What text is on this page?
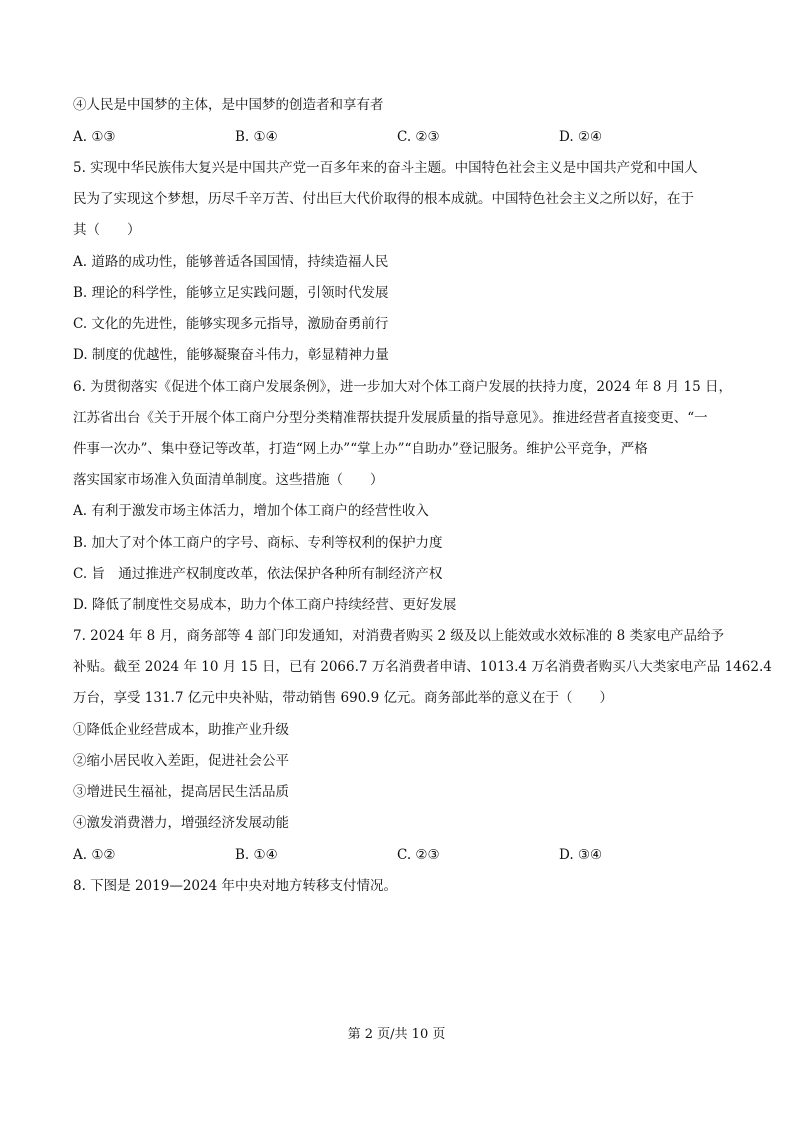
④人民是中国梦的主体，是中国梦的创造者和享有者
A. ①③	B. ①④	C. ②③	D. ②④
5. 实现中华民族伟大复兴是中国共产党一百多年来的奋斗主题。中国特色社会主义是中国共产党和中国人
民为了实现这个梦想，历尽千辛万苦、付出巨大代价取得的根本成就。中国特色社会主义之所以好，在于
其（　　）
A. 道路的成功性，能够普适各国国情，持续造福人民
B. 理论的科学性，能够立足实践问题，引领时代发展
C. 文化的先进性，能够实现多元指导，激励奋勇前行
D. 制度的优越性，能够凝聚奋斗伟力，彰显精神力量
6. 为贯彻落实《促进个体工商户发展条例》，进一步加大对个体工商户发展的扶持力度，2024 年 8 月 15 日，
江苏省出台《关于开展个体工商户分型分类精准帮扶提升发展质量的指导意见》。推进经营者直接变更、“一
件事一次办”、集中登记等改革，打造“网上办”“掌上办”“自助办”登记服务。维护公平竞争，严格
落实国家市场准入负面清单制度。这些措施（　　）
A. 有利于激发市场主体活力，增加个体工商户的经营性收入
B. 加大了对个体工商户的字号、商标、专利等权利的保护力度
C. 旨　通过推进产权制度改革，依法保护各种所有制经济产权
D. 降低了制度性交易成本，助力个体工商户持续经营、更好发展
7. 2024 年 8 月，商务部等 4 部门印发通知，对消费者购买 2 级及以上能效或水效标准的 8 类家电产品给予
补贴。截至 2024 年 10 月 15 日，已有 2066.7 万名消费者申请、1013.4 万名消费者购买八大类家电产品 1462.4
万台，享受 131.7 亿元中央补贴，带动销售 690.9 亿元。商务部此举的意义在于（　　）
①降低企业经营成本，助推产业升级
②缩小居民收入差距，促进社会公平
③增进民生福祉，提高居民生活品质
④激发消费潜力，增强经济发展动能
A. ①②	B. ①④	C. ②③	D. ③④
8. 下图是 2019—2024 年中央对地方转移支付情况。
第 2 页/共 10 页
